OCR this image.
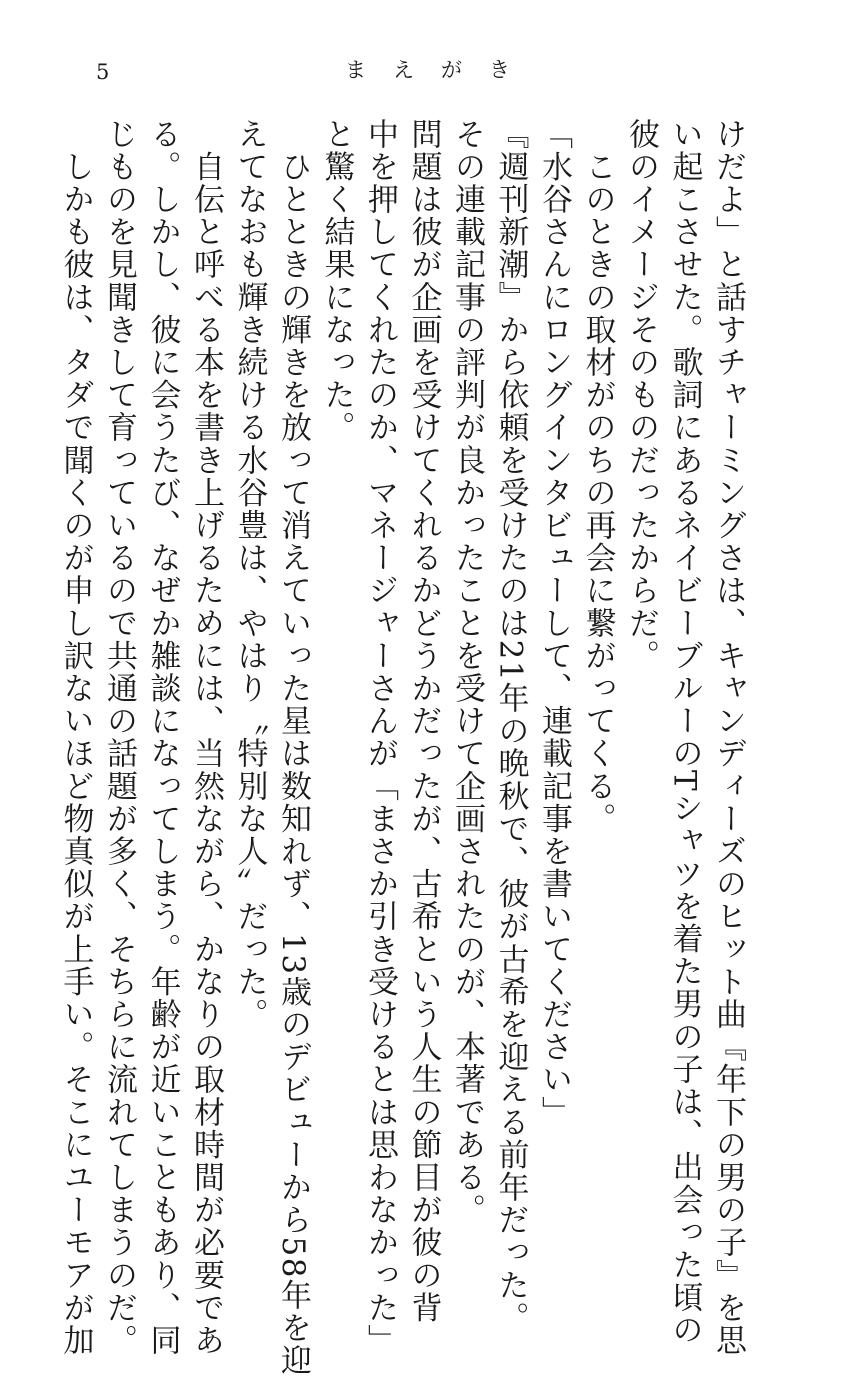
5	まえがき
けだよ」と話すチャーミングさは、キャンディーズのヒット曲『年下の男の子』を思
い起こさせた。歌詞にあるネイビーブルーのTシャツを着た男の子は、出会った頃の
彼のイメージそのものだったからだ。
　このときの取材がのちの再会に繋がってくる。
「水谷さんにロングインタビューして、連載記事を書いてください」
『週刊新潮』から依頼を受けたのは21年の晩秋で、彼が古希を迎える前年だった。
その連載記事の評判が良かったことを受けて企画されたのが、本著である。
問題は彼が企画を受けてくれるかどうかだったが、古希という人生の節目が彼の背
中を押してくれたのか、マネージャーさんが「まさか引き受けるとは思わなかった」
と驚く結果になった。
　ひとときの輝きを放って消えていった星は数知れず、13歳のデビューから58年を迎
えてなおも輝き続ける水谷豊は、やはり〝特別な人〟だった。
　自伝と呼べる本を書き上げるためには、当然ながら、かなりの取材時間が必要であ
る。しかし、彼に会うたび、なぜか雑談になってしまう。年齢が近いこともあり、同
じものを見聞きして育っているので共通の話題が多く、そちらに流れてしまうのだ。
　しかも彼は、タダで聞くのが申し訳ないほど物真似が上手い。そこにユーモアが加
